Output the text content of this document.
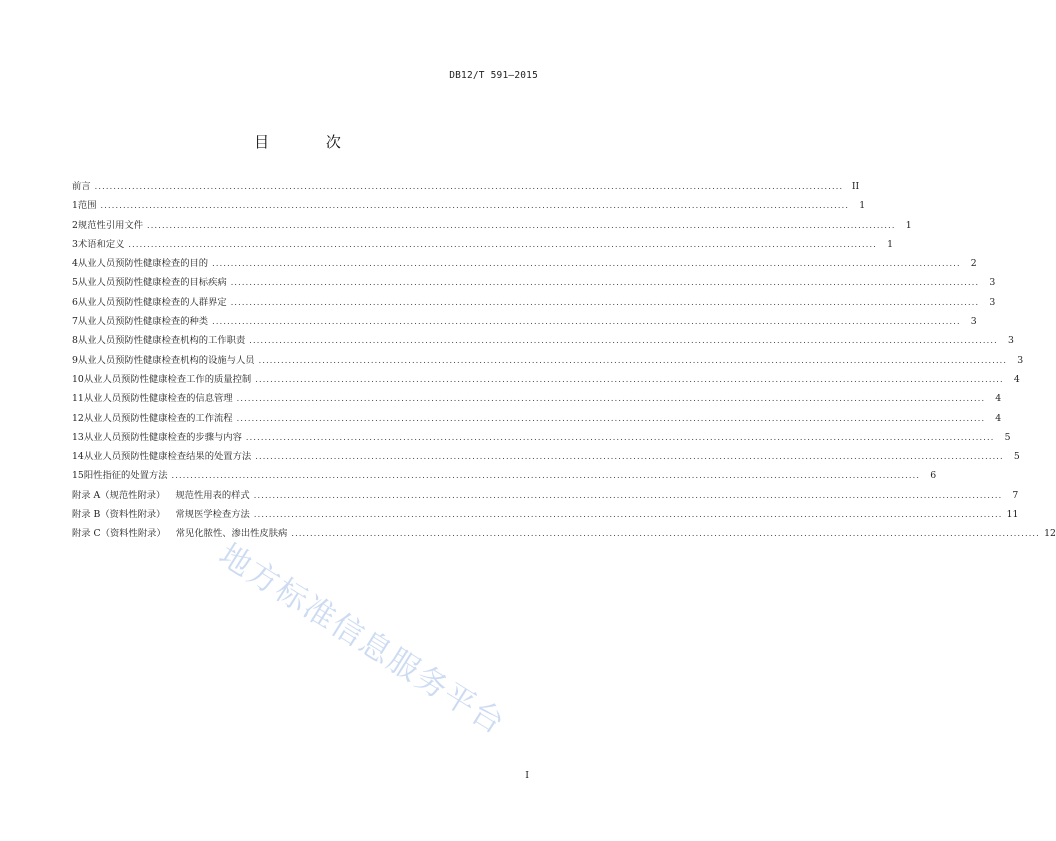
DB12/T 591—2015
目 次
前言 ........................................................................................................................................................................................................ II
1 范围 ........................................................................................................................................................................................................	1
2 规范性引用文件 ........................................................................................................................................................................................................	1
3 术语和定义 ........................................................................................................................................................................................................	1
4 从业人员预防性健康检查的目的 ........................................................................................................................................................................................................	2
5 从业人员预防性健康检查的目标疾病 ........................................................................................................................................................................................................	3
6 从业人员预防性健康检查的人群界定 ........................................................................................................................................................................................................	3
7 从业人员预防性健康检查的种类 ........................................................................................................................................................................................................	3
8 从业人员预防性健康检查机构的工作职责 ........................................................................................................................................................................................................	3
9 从业人员预防性健康检查机构的设施与人员 ........................................................................................................................................................................................................	3
10 从业人员预防性健康检查工作的质量控制 ........................................................................................................................................................................................................	4
11 从业人员预防性健康检查的信息管理 ........................................................................................................................................................................................................	4
12 从业人员预防性健康检查的工作流程 ........................................................................................................................................................................................................	4
13 从业人员预防性健康检查的步骤与内容 ........................................................................................................................................................................................................	5
14 从业人员预防性健康检查结果的处置方法 ........................................................................................................................................................................................................	5
15 阳性指征的处置方法 ........................................................................................................................................................................................................	6
附录 A（规范性附录） 规范性用表的样式 ........................................................................................................................................................................................................	7
附录 B（资料性附录） 常规医学检查方法 ........................................................................................................................................................................................................ 11
附录 C（资料性附录） 常见化脓性、渗出性皮肤病 ........................................................................................................................................................................................................ 12
地方标准信息服务平台
I
